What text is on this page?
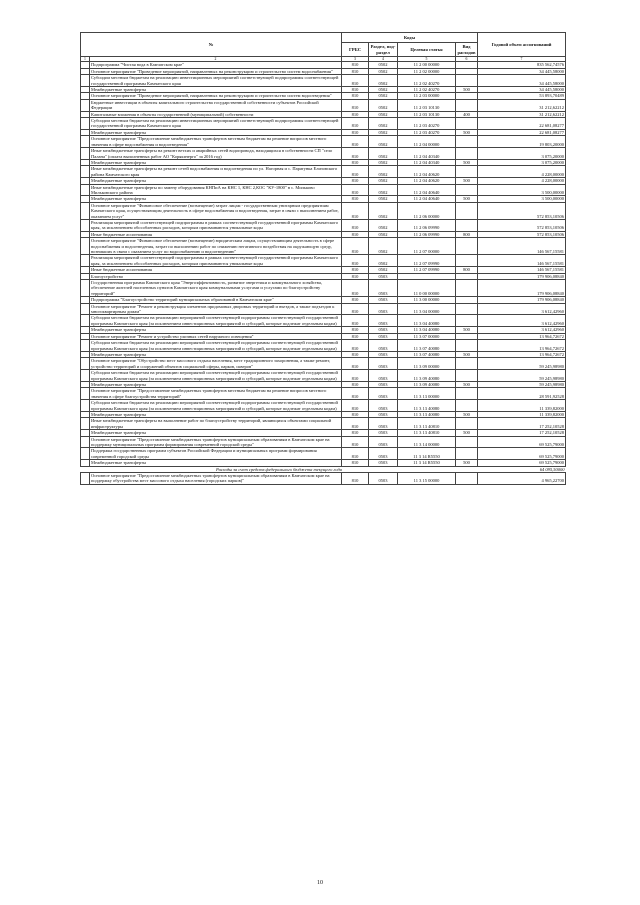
№		Коды				Годовой объем ассигнований
		ГРБС	Раздел, под-раздел	Целевая статья	Вид расходов	
1	2	3	4	5	6	7
	Подпрограмма "Чистая вода в Камчатском крае"	810	0502	11 2 00 00000		835 562,74576
	Основное мероприятие "Проведение мероприятий, направленных на реконструкцию и строительство систем водоснабжения"	810	0502	11 2 02 00000		34 445,58000
	Субсидии местным бюджетам на реализацию инвестиционных мероприятий соответствующей подпрограммы соответствующей государственной программы Камчатского края	810	0502	11 2 02 40270		34 445,58000
	Межбюджетные трансферты	810	0502	11 2 02 40270	500	34 445,58000
	Основное мероприятие "Проведение мероприятий, направленных на реконструкцию и строительство систем водоотведения"	810	0502	11 2 03 00000		53 893,70489
	Бюджетные инвестиции в объекты капитального строительства государственной собственности субъектов Российской Федерации	810	0502	11 2 03 10130		31 212,62212
	Капитальные вложения в объекты государственной (муниципальной) собственности	810	0502	11 2 03 10130	400	31 212,62212
	Субсидии местным бюджетам на реализацию инвестиционных мероприятий соответствующей подпрограммы соответствующей государственной программы Камчатского края	810	0502	11 2 03 40270		22 681,08277
	Межбюджетные трансферты	810	0502	11 2 03 40270	500	22 681,08277
	Основное мероприятие "Предоставление межбюджетных трансфертов местным бюджетам на решение вопросов местного значения в сфере водоснабжения и водоотведения"	810	0502	11 2 04 00000		19 803,20000
	Иные межбюджетные трансферты на ремонт ветхих и аварийных сетей водопровода, находящихся в собственности СП "село Палана" (оплата выполненных работ АО "Корякэнерго" за 2016 год)	810	0502	11 2 04 40340		3 075,20000
	Межбюджетные трансферты	810	0502	11 2 04 40340	500	3 075,20000
	Иные межбюджетные трансферты на ремонт сетей водоснабжения и водоотведения по ул. Нагорная и с. Паратунка Елизовского района Камчатского края	810	0502	11 2 04 40620		4 228,00000
	Межбюджетные трансферты	810	0502	11 2 04 40620	500	4 228,00000
	Иные межбюджетные трансферты по замену оборудования КНПиА на КНС 1, КНС 2,КОС "КУ-1800" в с. Мильково Мильковского района	810	0502	11 2 04 40640		3 500,00000
	Межбюджетные трансферты	810	0502	11 2 04 40640	500	3 500,00000
	Основное мероприятие "Финансовое обеспечение (возмещение) затрат лицам - государственным унитарным предприятиям Камчатского края, осуществляющим деятельность в сфере водоснабжения и водоотведения, затрат в связи с выполнением работ, оказанием услуг"	810	0502	11 2 06 00000		572 853,10506
	Реализация мероприятий соответствующей подпрограммы в рамках соответствующей государственной программы Камчатского края, за исключением обособленных расходов, которым присваиваются уникальные коды	810	0502	11 2 06 09990		572 853,10506
	Иные бюджетные ассигнования	810	0502	11 2 06 09990	800	572 853,10506
	Основное мероприятие "Финансовое обеспечение (возмещение) юридическим лицам, осуществляющим деятельность в сфере водоснабжения и водоотведения, затрат по выполнению работ по снижению негативного воздействия на окружающую среду, возникших в связи с оказанием услуг по водоснабжению и водоотведению"	810	0502	11 2 07 00000		146 567,15581
	Реализация мероприятий соответствующей подпрограммы в рамках соответствующей государственной программы Камчатского края, за исключением обособленных расходов, которым присваиваются уникальные коды	810	0502	11 2 07 09990		146 567,15581
	Иные бюджетные ассигнования	810	0502	11 2 07 09990	800	146 567,15581
	Благоустройство	810	0503			179 906,08840
	Государственная программа Камчатского края "Энергоэффективность, развитие энергетики и коммунального хозяйства, обеспечение жителей населенных пунктов Камчатского края коммунальными услугами и услугами по благоустройству территорий"	810	0503	11 0 00 00000		179 906,08840
	Подпрограмма "Благоустройство территорий муниципальных образований в Камчатском крае"	810	0503	11 3 00 00000		179 906,08840
	Основное мероприятие "Ремонт и реконструкция элементов придомовых дворовых территорий и въездов, а также подъездов к многоквартирным домам"	810	0503	11 3 04 00000		3 612,42960
	Субсидии местным бюджетам на реализацию мероприятий соответствующей подпрограммы соответствующей государственной программы Камчатского края (за исключением инвестиционных мероприятий и субсидий, которые подлежат отдельным кодам)	810	0503	11 3 04 40080		3 612,42960
	Межбюджетные трансферты	810	0503	11 3 04 40080	500	3 612,42960
	Основное мероприятие "Ремонт и устройство уличных сетей наружного освещения"	810	0503	11 3 07 00000		13 964,72672
	Субсидии местным бюджетам на реализацию мероприятий соответствующей подпрограммы соответствующей государственной программы Камчатского края (за исключением инвестиционных мероприятий и субсидий, которые подлежат отдельным кодам)	810	0503	11 3 07 40080		13 964,72672
	Межбюджетные трансферты	810	0503	11 3 07 40080	500	13 964,72672
	Основное мероприятие "Обустройство мест массового отдыха населения, мест традиционного захоронения, а также ремонт, устройство территорий и сооружений объектов социальной сферы, парков, скверов"	810	0503	11 3 09 00000		59 245,98980
	Субсидии местным бюджетам на реализацию мероприятий соответствующей подпрограммы соответствующей государственной программы Камчатского края (за исключением инвестиционных мероприятий и субсидий, которые подлежат отдельным кодам)	810	0503	11 3 09 40080		59 245,98980
	Межбюджетные трансферты	810	0503	11 3 09 40080	500	59 245,98980
	Основное мероприятие "Предоставление межбюджетных трансфертов местным бюджетам на решение вопросов местного значения в сфере благоустройства территорий"	810	0503	11 3 13 00000		28 591,92528
	Субсидии местным бюджетам на реализацию мероприятий соответствующей подпрограммы соответствующей государственной программы Камчатского края (за исключением инвестиционных мероприятий и субсидий, которые подлежат отдельным кодам)	810	0503	11 3 13 40080		11 339,82000
	Межбюджетные трансферты	810	0503	11 3 13 40080	500	11 339,82000
	Иные межбюджетные трансферты на выполнение работ по благоустройству территорий, являющихся объектами социальной инфраструктуры	810	0503	11 3 13 40810		17 252,10528
	Межбюджетные трансферты	810	0503	11 3 13 40810	500	17 252,10528
	Основное мероприятие "Предоставление межбюджетных трансфертов муниципальным образованиям в Камчатском крае на поддержку муниципальных программ формирования современной городской среды"	810	0503	11 3 14 00000		69 525,79000
	Поддержка государственных программ субъектов Российской Федерации и муниципальных программ формирования современной городской среды	810	0503	11 3 14 R5550		69 525,79000
	Межбюджетные трансферты	810	0503	11 3 14 R5550	500	69 525,79000
Расходы за счет средств федерального бюджета текущего года						64 095,50000
	Основное мероприятие "Предоставление межбюджетных трансфертов муниципальным образованиям в Камчатском крае на поддержку обустройства мест массового отдыха населения (городских парков)"	810	0503	11 3 15 00000		4 965,22700
10
